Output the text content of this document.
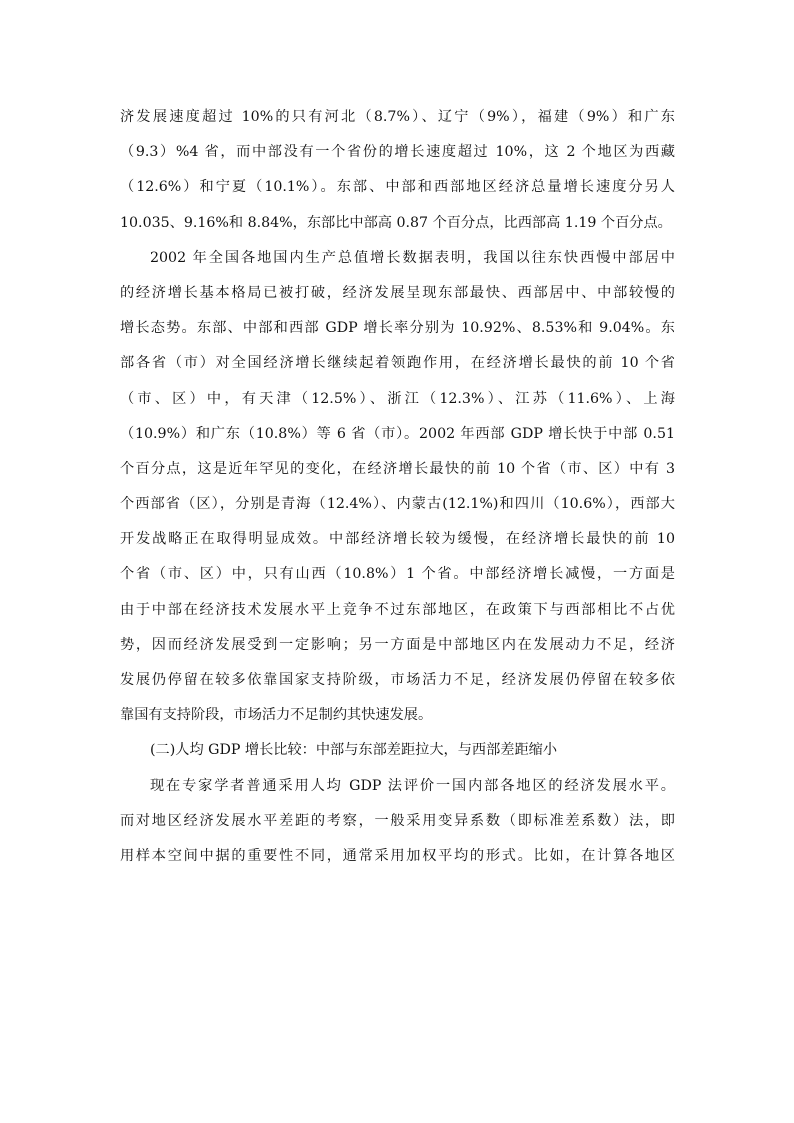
济发展速度超过 10%的只有河北（8.7%）、辽宁（9%），福建（9%）和广东
（9.3）%4 省，而中部没有一个省份的增长速度超过 10%，这 2 个地区为西藏
（12.6%）和宁夏（10.1%）。东部、中部和西部地区经济总量增长速度分另人
10.035、9.16%和 8.84%，东部比中部高 0.87 个百分点，比西部高 1.19 个百分点。
2002 年全国各地国内生产总值增长数据表明，我国以往东快西慢中部居中
的经济增长基本格局已被打破，经济发展呈现东部最快、西部居中、中部较慢的
增长态势。东部、中部和西部 GDP 增长率分别为 10.92%、8.53%和 9.04%。东
部各省（市）对全国经济增长继续起着领跑作用，在经济增长最快的前 10 个省
（市、区）中，有天津（12.5%）、浙江（12.3%）、江苏（11.6%）、上海
（10.9%）和广东（10.8%）等 6 省（市）。2002 年西部 GDP 增长快于中部 0.51
个百分点，这是近年罕见的变化，在经济增长最快的前 10 个省（市、区）中有 3
个西部省（区），分别是青海（12.4%）、内蒙古(12.1%)和四川（10.6%），西部大
开发战略正在取得明显成效。中部经济增长较为缓慢，在经济增长最快的前 10
个省（市、区）中，只有山西（10.8%）1 个省。中部经济增长减慢，一方面是
由于中部在经济技术发展水平上竞争不过东部地区，在政策下与西部相比不占优
势，因而经济发展受到一定影响；另一方面是中部地区内在发展动力不足，经济
发展仍停留在较多依靠国家支持阶级，市场活力不足，经济发展仍停留在较多依
靠国有支持阶段，市场活力不足制约其快速发展。
(二)人均 GDP 增长比较：中部与东部差距拉大，与西部差距缩小
现在专家学者普通采用人均 GDP 法评价一国内部各地区的经济发展水平。
而对地区经济发展水平差距的考察，一般采用变异系数（即标准差系数）法，即
用样本空间中据的重要性不同，通常采用加权平均的形式。比如，在计算各地区
